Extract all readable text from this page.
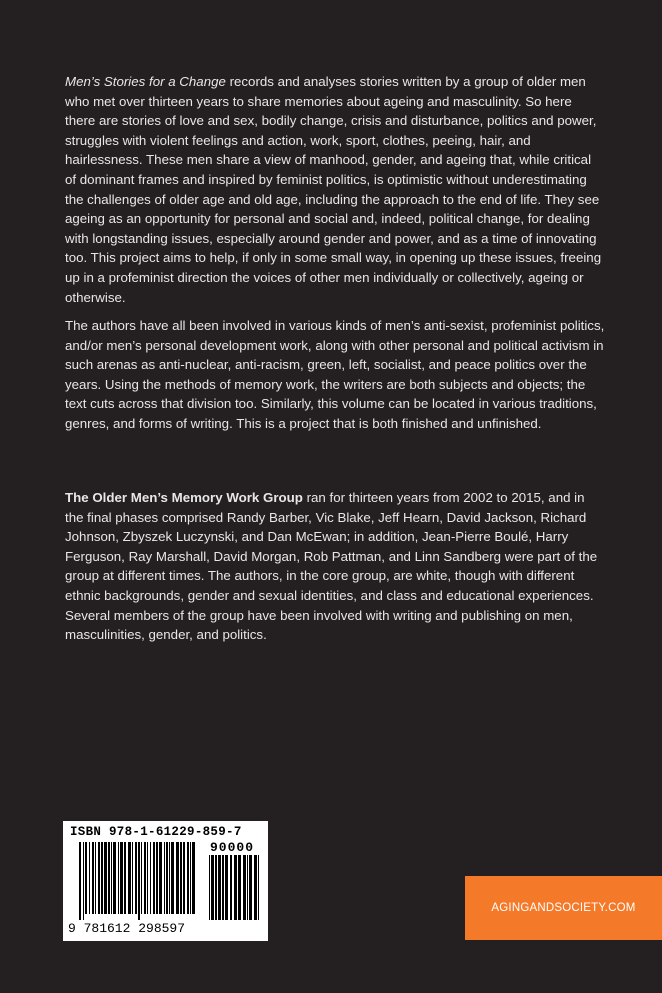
Men’s Stories for a Change records and analyses stories written by a group of older men who met over thirteen years to share memories about ageing and masculinity. So here there are stories of love and sex, bodily change, crisis and disturbance, politics and power, struggles with violent feelings and action, work, sport, clothes, peeing, hair, and hairlessness. These men share a view of manhood, gender, and ageing that, while critical of dominant frames and inspired by feminist politics, is optimistic without underestimating the challenges of older age and old age, including the approach to the end of life. They see ageing as an opportunity for personal and social and, indeed, political change, for dealing with longstanding issues, especially around gender and power, and as a time of innovating too. This project aims to help, if only in some small way, in opening up these issues, freeing up in a profeminist direction the voices of other men individually or collectively, ageing or otherwise.

The authors have all been involved in various kinds of men’s anti-sexist, profeminist politics, and/or men’s personal development work, along with other personal and political activism in such arenas as anti-nuclear, anti-racism, green, left, socialist, and peace politics over the years. Using the methods of memory work, the writers are both subjects and objects; the text cuts across that division too. Similarly, this volume can be located in various traditions, genres, and forms of writing. This is a project that is both finished and unfinished.

The Older Men’s Memory Work Group ran for thirteen years from 2002 to 2015, and in the final phases comprised Randy Barber, Vic Blake, Jeff Hearn, David Jackson, Richard Johnson, Zbyszek Luczynski, and Dan McEwan; in addition, Jean-Pierre Boulé, Harry Ferguson, Ray Marshall, David Morgan, Rob Pattman, and Linn Sandberg were part of the group at different times. The authors, in the core group, are white, though with different ethnic backgrounds, gender and sexual identities, and class and educational experiences. Several members of the group have been involved with writing and publishing on men, masculinities, gender, and politics.

ISBN 978-1-61229-859-7
90000
9 781612 298597
AGINGANDSOCIETY.COM
